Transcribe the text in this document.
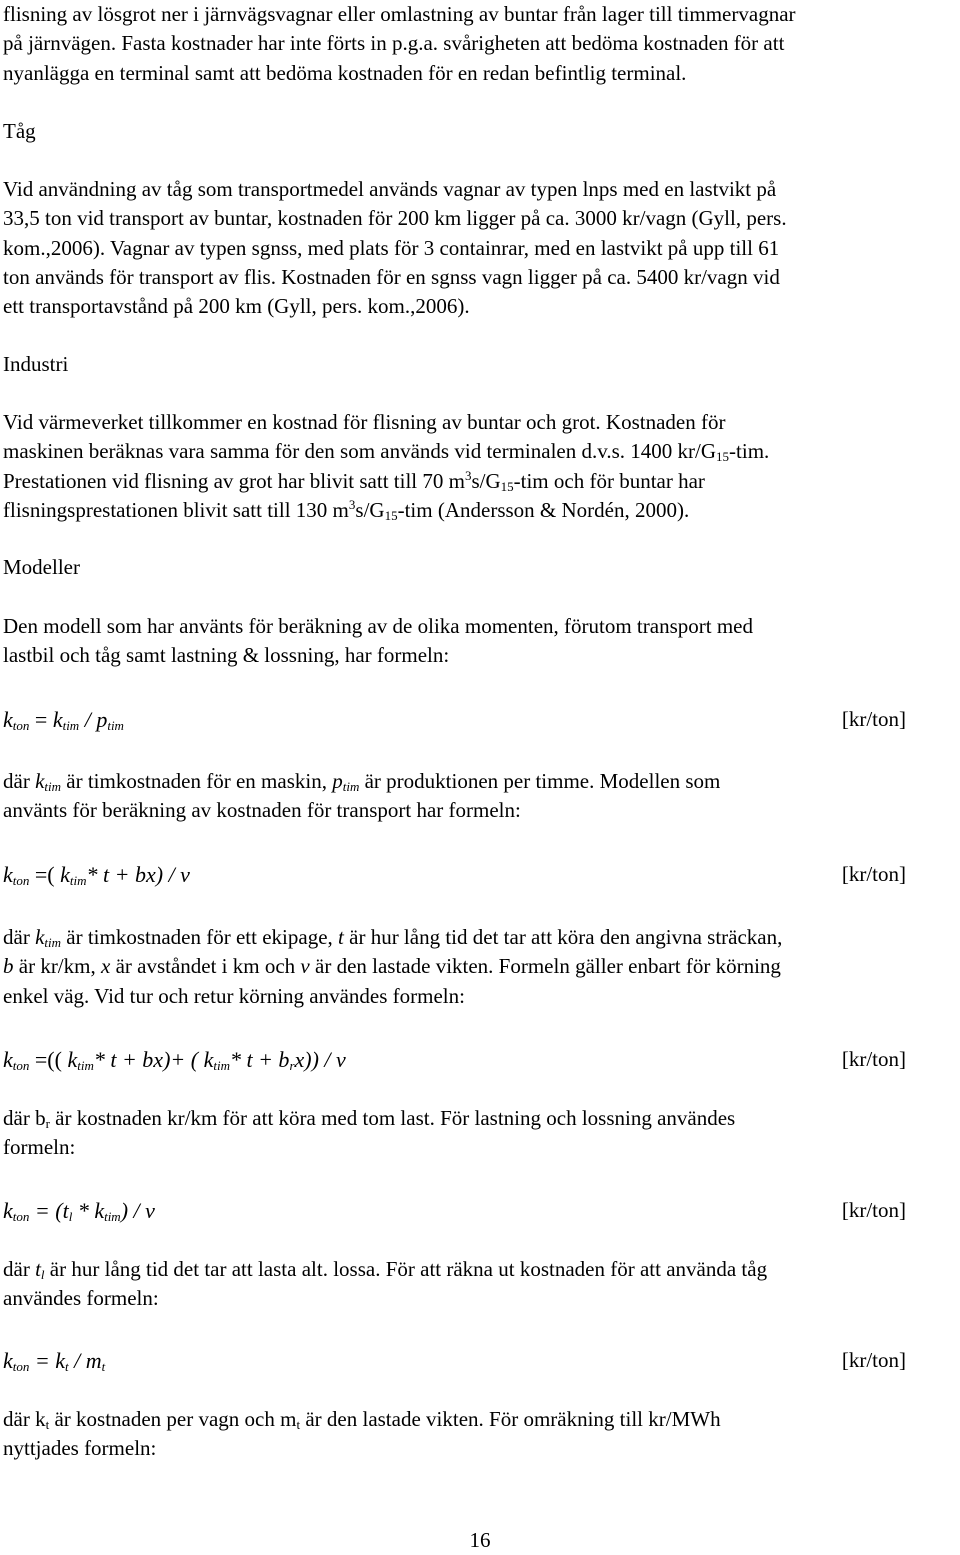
flisning av lösgrot ner i järnvägsvagnar eller omlastning av buntar från lager till timmervagnar
på järnvägen. Fasta kostnader har inte förts in p.g.a. svårigheten att bedöma kostnaden för att
nyanlägga en terminal samt att bedöma kostnaden för en redan befintlig terminal.

Tåg

Vid användning av tåg som transportmedel används vagnar av typen lnps med en lastvikt på
33,5 ton vid transport av buntar, kostnaden för 200 km ligger på ca. 3000 kr/vagn (Gyll, pers.
kom.,2006). Vagnar av typen sgnss, med plats för 3 containrar, med en lastvikt på upp till 61
ton används för transport av flis. Kostnaden för en sgnss vagn ligger på ca. 5400 kr/vagn vid
ett transportavstånd på 200 km (Gyll, pers. kom.,2006).

Industri

Vid värmeverket tillkommer en kostnad för flisning av buntar och grot. Kostnaden för
maskinen beräknas vara samma för den som används vid terminalen d.v.s. 1400 $kr/G_{15}$-tim.
Prestationen vid flisning av grot har blivit satt till 70 $m^3s/G_{15}$-tim och för buntar har
flisningsprestationen blivit satt till 130 $m^3s/G_{15}$-tim (Andersson & Nordén, 2000).

Modeller

Den modell som har använts för beräkning av de olika momenten, förutom transport med
lastbil och tåg samt lastning & lossning, har formeln:

$k_{ton} = k_{tim} / p_{tim}$	[kr/ton]

där $k_{tim}$ är timkostnaden för en maskin, $p_{tim}$ är produktionen per timme. Modellen som
använts för beräkning av kostnaden för transport har formeln:

$k_{ton}$ =( $k_{tim}*$ t + bx) / v	[kr/ton]

där $k_{tim}$ är timkostnaden för ett ekipage, t är hur lång tid det tar att köra den angivna sträckan,
b är kr/km, x är avståndet i km och v är den lastade vikten. Formeln gäller enbart för körning
enkel väg. Vid tur och retur körning användes formeln:

$k_{ton}$ =(( $k_{tim}*$ t + bx)+ ( $k_{tim}*$ $t + b_rx)) / v$	[kr/ton]

där $b_r$ är kostnaden kr/km för att köra med tom last. För lastning och lossning användes
formeln:

$k_{ton} = (t_l * k_{tim}) / v$	[kr/ton]

där $t_l$ är hur lång tid det tar att lasta alt. lossa. För att räkna ut kostnaden för att använda tåg
användes formeln:

$k_{ton} = k_t / m_t$	[kr/ton]

där $k_t$ är kostnaden per vagn och $m_t$ är den lastade vikten. För omräkning till kr/MWh
nyttjades formeln:

16
